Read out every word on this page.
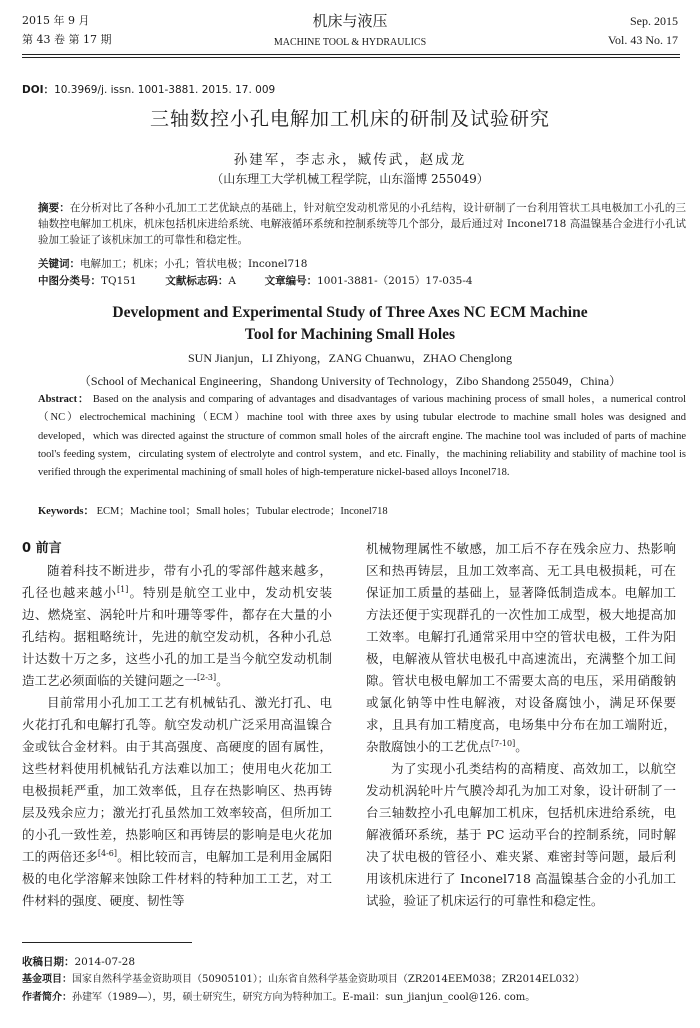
2015 年 9 月
第 43 卷 第 17 期
机床与液压
MACHINE TOOL & HYDRAULICS
Sep. 2015
Vol. 43 No. 17
DOI：10.3969/j. issn. 1001-3881. 2015. 17. 009
三轴数控小孔电解加工机床的研制及试验研究
孙建军，李志永，臧传武，赵成龙
（山东理工大学机械工程学院，山东淄博 255049）
摘要：在分析对比了各种小孔加工工艺优缺点的基础上，针对航空发动机常见的小孔结构，设计研制了一台利用管状工具电极加工小孔的三轴数控电解加工机床，机床包括机床进给系统、电解液循环系统和控制系统等几个部分，最后通过对 Inconel718 高温镍基合金进行小孔试验加工验证了该机床加工的可靠性和稳定性。
关键词：电解加工；机床；小孔；管状电极；Inconel718
中图分类号：TQ151	文献标志码：A	文章编号：1001-3881-（2015）17-035-4
Development and Experimental Study of Three Axes NC ECM Machine
Tool for Machining Small Holes
SUN Jianjun，LI Zhiyong，ZANG Chuanwu，ZHAO Chenglong
（School of Mechanical Engineering，Shandong University of Technology，Zibo Shandong 255049，China）
Abstract： Based on the analysis and comparing of advantages and disadvantages of various machining process of small holes，a numerical control（NC）electrochemical machining（ECM）machine tool with three axes by using tubular electrode to machine small holes was designed and developed，which was directed against the structure of common small holes of the aircraft engine. The machine tool was included of parts of machine tool's feeding system，circulating system of electrolyte and control system，and etc. Finally，the machining reliability and stability of machine tool is verified through the experimental machining of small holes of high-temperature nickel-based alloys Inconel718.
Keywords： ECM；Machine tool；Small holes；Tubular electrode；Inconel718

0 前言

随着科技不断进步，带有小孔的零部件越来越多，孔径也越来越小[1]。特别是航空工业中，发动机安装边、燃烧室、涡轮叶片和叶珊等零件，都存在大量的小孔结构。据粗略统计，先进的航空发动机，各种小孔总计达数十万之多，这些小孔的加工是当今航空发动机制造工艺必须面临的关键问题之一[2-3]。

目前常用小孔加工工艺有机械钻孔、激光打孔、电火花打孔和电解打孔等。航空发动机广泛采用高温镍合金或钛合金材料。由于其高强度、高硬度的固有属性，这些材料使用机械钻孔方法难以加工；使用电火花加工电极损耗严重，加工效率低，且存在热影响区、热再铸层及残余应力；激光打孔虽然加工效率较高，但所加工的小孔一致性差，热影响区和再铸层的影响是电火花加工的两倍还多[4-6]。相比较而言，电解加工是利用金属阳极的电化学溶解来蚀除工件材料的特种加工工艺，对工件材料的强度、硬度、韧性等

机械物理属性不敏感，加工后不存在残余应力、热影响区和热再铸层，且加工效率高、无工具电极损耗，可在保证加工质量的基础上，显著降低制造成本。电解加工方法还便于实现群孔的一次性加工成型，极大地提高加工效率。电解打孔通常采用中空的管状电极，工件为阳极，电解液从管状电极孔中高速流出，充满整个加工间隙。管状电极电解加工不需要太高的电压，采用硝酸钠或氯化钠等中性电解液，对设备腐蚀小，满足环保要求，且具有加工精度高，电场集中分布在加工端附近，杂散腐蚀小的工艺优点[7-10]。

为了实现小孔类结构的高精度、高效加工，以航空发动机涡轮叶片气膜冷却孔为加工对象，设计研制了一台三轴数控小孔电解加工机床，包括机床进给系统，电解液循环系统，基于 PC 运动平台的控制系统，同时解决了状电极的管径小、难夹紧、难密封等问题，最后利用该机床进行了 Inconel718 高温镍基合金的小孔加工试验，验证了机床运行的可靠性和稳定性。

收稿日期：2014-07-28
基金项目：国家自然科学基金资助项目（50905101）；山东省自然科学基金资助项目（ZR2014EEM038；ZR2014EL032）
作者简介：孙建军（1989—），男，硕士研究生，研究方向为特种加工。E-mail：sun_jianjun_cool@126. com。
